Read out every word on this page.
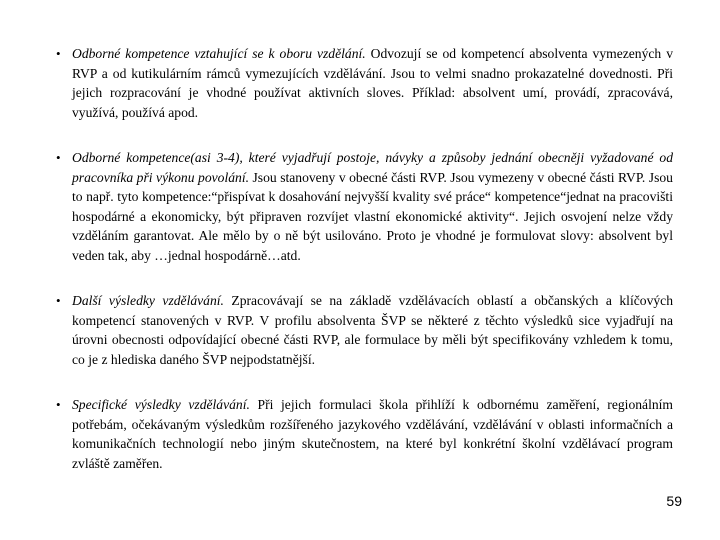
• Odborné kompetence vztahující se k oboru vzdělání. Odvozují se od kompetencí absolventa vymezených v RVP a od kutikulárním rámců vymezujících vzdělávání. Jsou to velmi snadno prokazatelné dovednosti. Při jejich rozpracování je vhodné používat aktivních sloves. Příklad: absolvent umí, provádí, zpracovává, využívá, používá apod.
• Odborné kompetence(asi 3-4), které vyjadřují postoje, návyky a způsoby jednání obecněji vyžadované od pracovníka při výkonu povolání. Jsou stanoveny v obecné části RVP. Jsou vymezeny v obecné části RVP. Jsou to např. tyto kompetence:“přispívat k dosahování nejvyšší kvality své práce“ kompetence“jednat na pracovišti hospodárné a ekonomicky, být připraven rozvíjet vlastní ekonomické aktivity“. Jejich osvojení nelze vždy vzděláním garantovat. Ale mělo by o ně být usilováno. Proto je vhodné je formulovat slovy: absolvent byl veden tak, aby …jednal hospodárně…atd.
• Další výsledky vzdělávání. Zpracovávají se na základě vzdělávacích oblastí a občanských a klíčových kompetencí stanovených v RVP. V profilu absolventa ŠVP se některé z těchto výsledků sice vyjadřují na úrovni obecnosti odpovídající obecné části RVP, ale formulace by měli být specifikovány vzhledem k tomu, co je z hlediska daného ŠVP nejpodstatnější.
• Specifické výsledky vzdělávání. Při jejich formulaci škola přihlíží k odbornému zaměření, regionálním potřebám, očekávaným výsledkům rozšířeného jazykového vzdělávání, vzdělávání v oblasti informačních a komunikačních technologií nebo jiným skutečnostem, na které byl konkrétní školní vzdělávací program zvláště zaměřen.
59
